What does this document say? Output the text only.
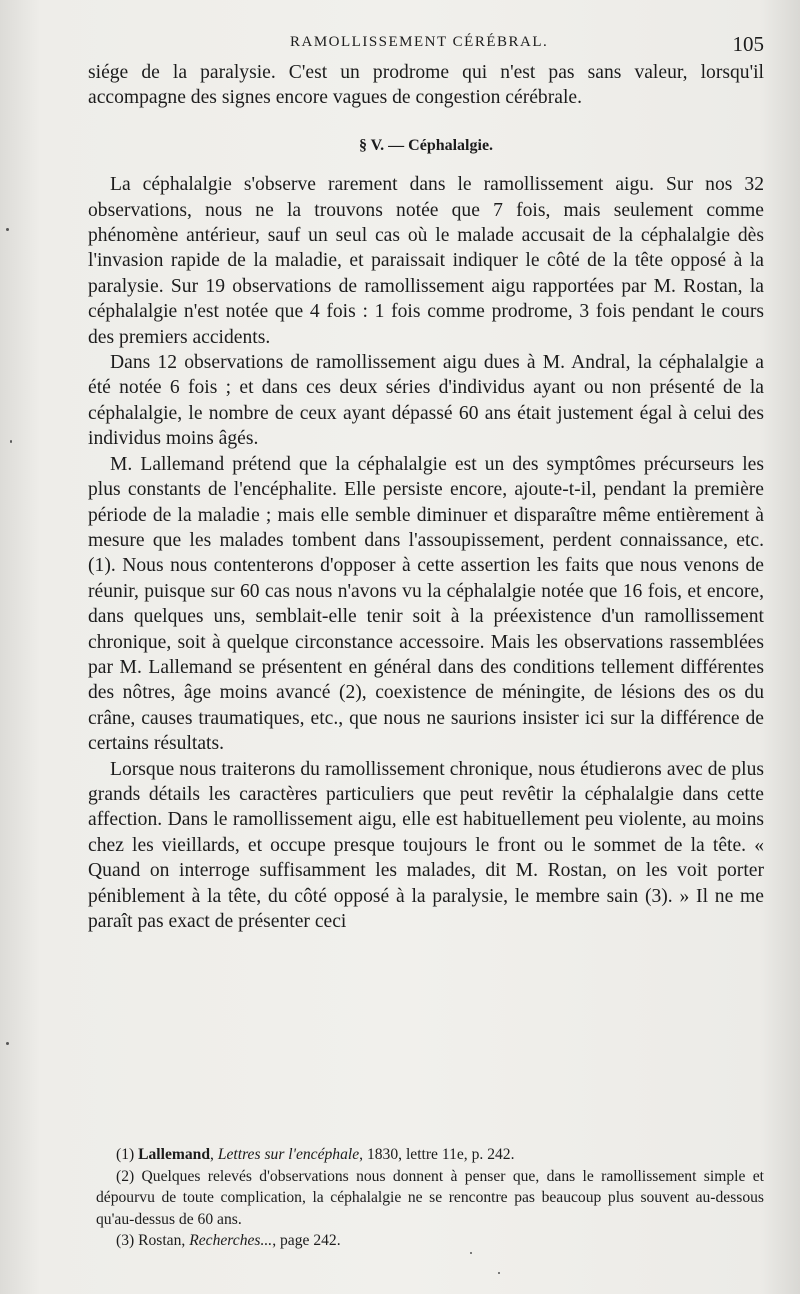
RAMOLLISSEMENT CÉRÉBRAL.	105

siége de la paralysie. C'est un prodrome qui n'est pas sans valeur, lorsqu'il accompagne des signes encore vagues de congestion cérébrale.

§ V. — Céphalalgie.

La céphalalgie s'observe rarement dans le ramollissement aigu. Sur nos 32 observations, nous ne la trouvons notée que 7 fois, mais seulement comme phénomène antérieur, sauf un seul cas où le malade accusait de la céphalalgie dès l'invasion rapide de la maladie, et paraissait indiquer le côté de la tête opposé à la paralysie. Sur 19 observations de ramollissement aigu rapportées par M. Rostan, la céphalalgie n'est notée que 4 fois : 1 fois comme prodrome, 3 fois pendant le cours des premiers accidents.

Dans 12 observations de ramollissement aigu dues à M. Andral, la céphalalgie a été notée 6 fois ; et dans ces deux séries d'individus ayant ou non présenté de la céphalalgie, le nombre de ceux ayant dépassé 60 ans était justement égal à celui des individus moins âgés.

M. Lallemand prétend que la céphalalgie est un des symptômes précurseurs les plus constants de l'encéphalite. Elle persiste encore, ajoute-t-il, pendant la première période de la maladie ; mais elle semble diminuer et disparaître même entièrement à mesure que les malades tombent dans l'assoupissement, perdent connaissance, etc. (1). Nous nous contenterons d'opposer à cette assertion les faits que nous venons de réunir, puisque sur 60 cas nous n'avons vu la céphalalgie notée que 16 fois, et encore, dans quelques uns, semblait-elle tenir soit à la préexistence d'un ramollissement chronique, soit à quelque circonstance accessoire. Mais les observations rassemblées par M. Lallemand se présentent en général dans des conditions tellement différentes des nôtres, âge moins avancé (2), coexistence de méningite, de lésions des os du crâne, causes traumatiques, etc., que nous ne saurions insister ici sur la différence de certains résultats.

Lorsque nous traiterons du ramollissement chronique, nous étudierons avec de plus grands détails les caractères particuliers que peut revêtir la céphalalgie dans cette affection. Dans le ramollissement aigu, elle est habituellement peu violente, au moins chez les vieillards, et occupe presque toujours le front ou le sommet de la tête. « Quand on interroge suffisamment les malades, dit M. Rostan, on les voit porter péniblement à la tête, du côté opposé à la paralysie, le membre sain (3). » Il ne me paraît pas exact de présenter ceci

(1) Lallemand, Lettres sur l'encéphale, 1830, lettre 11e, p. 242.

(2) Quelques relevés d'observations nous donnent à penser que, dans le ramollissement simple et dépourvu de toute complication, la céphalalgie ne se rencontre pas beaucoup plus souvent au-dessous qu'au-dessus de 60 ans.

(3) Rostan, Recherches..., page 242.
